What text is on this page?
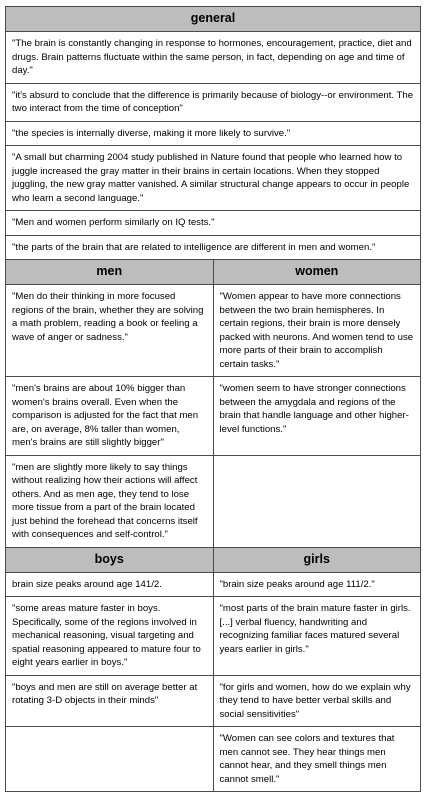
general	
"The brain is constantly changing in response to hormones, encouragement, practice, diet and drugs. Brain patterns fluctuate within the same person, in fact, depending on age and time of day."	
"it's absurd to conclude that the difference is primarily because of biology--or environment. The two interact from the time of conception"	
"the species is internally diverse, making it more likely to survive."	
"A small but charming 2004 study published in Nature found that people who learned how to juggle increased the gray matter in their brains in certain locations. When they stopped juggling, the new gray matter vanished. A similar structural change appears to occur in people who learn a second language."	
"Men and women perform similarly on IQ tests."	
"the parts of the brain that are related to intelligence are different in men and women."	
men	women
"Men do their thinking in more focused regions of the brain, whether they are solving a math problem, reading a book or feeling a wave of anger or sadness."	"Women appear to have more connections between the two brain hemispheres. In certain regions, their brain is more densely packed with neurons. And women tend to use more parts of their brain to accomplish certain tasks."
"men's brains are about 10% bigger than women's brains overall. Even when the comparison is adjusted for the fact that men are, on average, 8% taller than women, men's brains are still slightly bigger"	"women seem to have stronger connections between the amygdala and regions of the brain that handle language and other higher-level functions."
"men are slightly more likely to say things without realizing how their actions will affect others. And as men age, they tend to lose more tissue from a part of the brain located just behind the forehead that concerns itself with consequences and self-control."	
boys	girls
brain size peaks around age 141/2.	"brain size peaks around age 111/2."
"some areas mature faster in boys. Specifically, some of the regions involved in mechanical reasoning, visual targeting and spatial reasoning appeared to mature four to eight years earlier in boys."	"most parts of the brain mature faster in girls. [...] verbal fluency, handwriting and recognizing familiar faces matured several years earlier in girls."
"boys and men are still on average better at rotating 3-D objects in their minds"	"for girls and women, how do we explain why they tend to have better verbal skills and social sensitivities"
	"Women can see colors and textures that men cannot see. They hear things men cannot hear, and they smell things men cannot smell."
